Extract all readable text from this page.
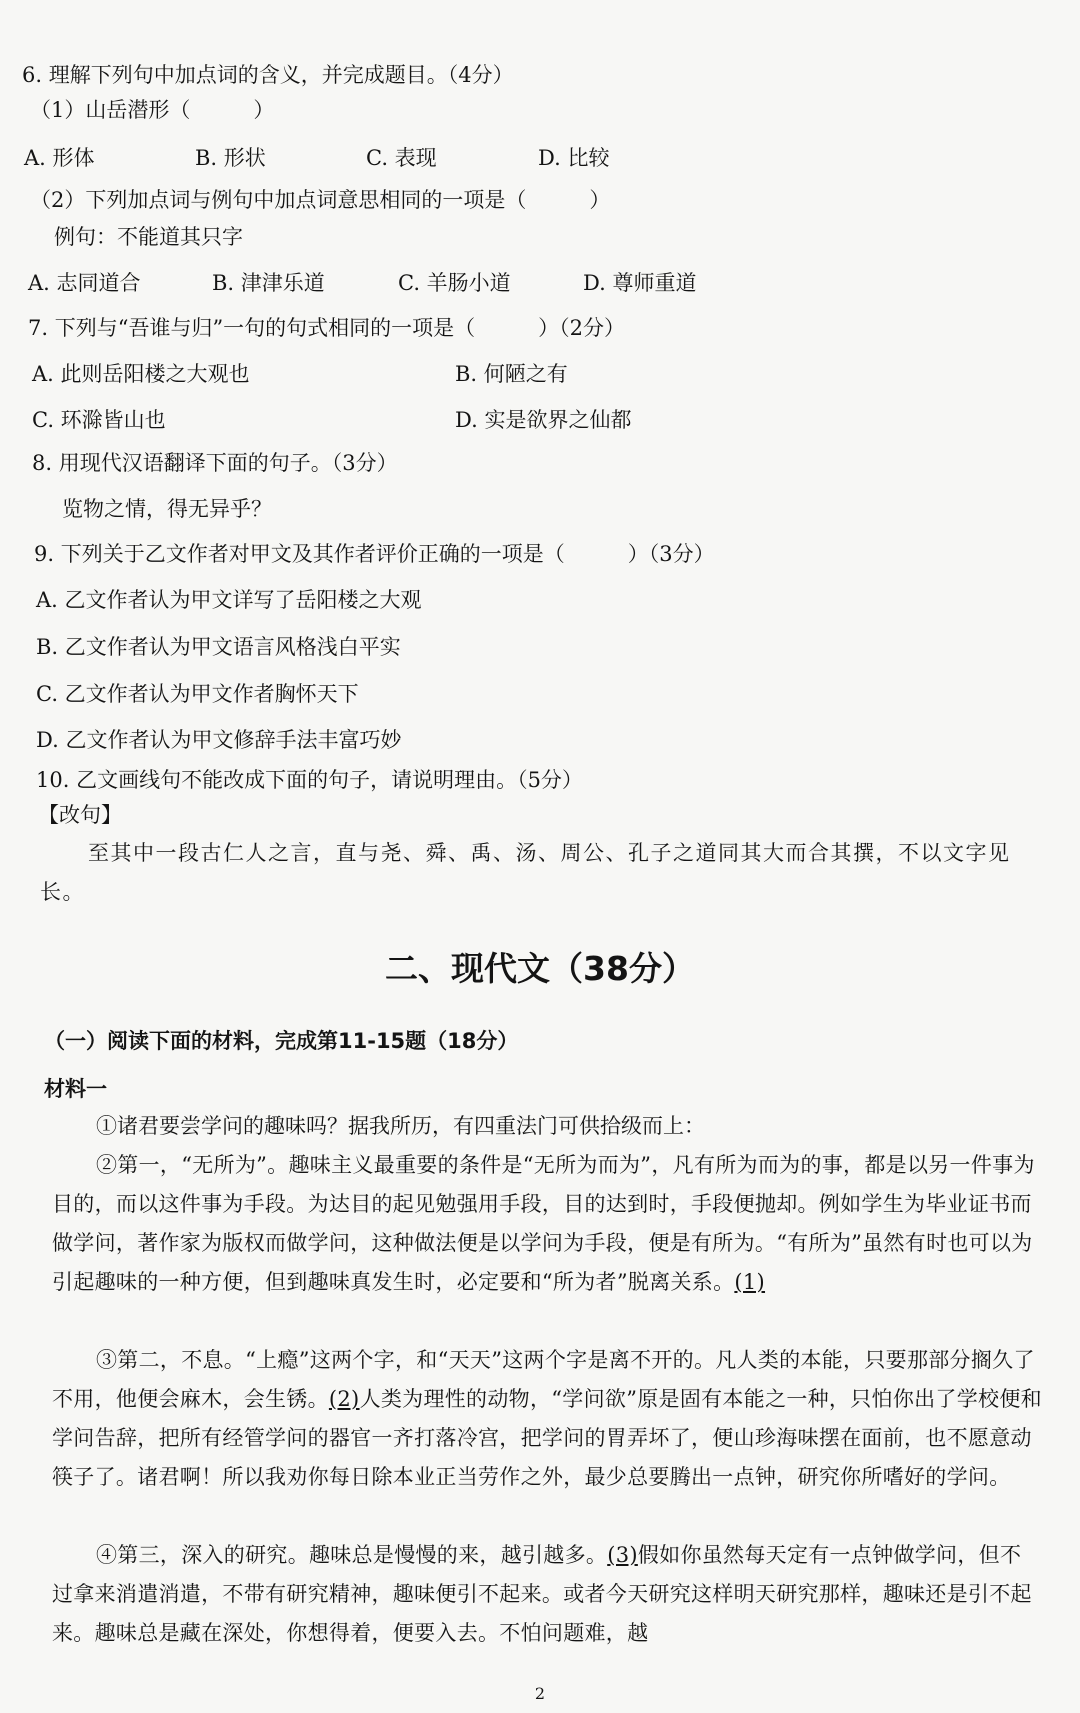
6. 理解下列句中加点词的含义，并完成题目。（4分）
（1）山岳潜形（　　　）
A. 形体	B. 形状	C. 表现	D. 比较
（2）下列加点词与例句中加点词意思相同的一项是（　　　）
例句：不能道其只字
A. 志同道合	B. 津津乐道	C. 羊肠小道	D. 尊师重道
7. 下列与“吾谁与归”一句的句式相同的一项是（　　　）（2分）
A. 此则岳阳楼之大观也	B. 何陋之有
C. 环滁皆山也	D. 实是欲界之仙都
8. 用现代汉语翻译下面的句子。（3分）
览物之情，得无异乎？
9. 下列关于乙文作者对甲文及其作者评价正确的一项是（　　　）（3分）
A. 乙文作者认为甲文详写了岳阳楼之大观
B. 乙文作者认为甲文语言风格浅白平实
C. 乙文作者认为甲文作者胸怀天下
D. 乙文作者认为甲文修辞手法丰富巧妙
10. 乙文画线句不能改成下面的句子，请说明理由。（5分）
【改句】
至其中一段古仁人之言，直与尧、舜、禹、汤、周公、孔子之道同其大而合其撰，不以文字见长。
二、现代文（38分）
（一）阅读下面的材料，完成第11-15题（18分）
材料一
①诸君要尝学问的趣味吗？据我所历，有四重法门可供拾级而上：
②第一，“无所为”。趣味主义最重要的条件是“无所为而为”，凡有所为而为的事，都是以另一件事为目的，而以这件事为手段。为达目的起见勉强用手段，目的达到时，手段便抛却。例如学生为毕业证书而做学问，著作家为版权而做学问，这种做法便是以学问为手段，便是有所为。“有所为”虽然有时也可以为引起趣味的一种方便，但到趣味真发生时，必定要和“所为者”脱离关系。(1)
③第二，不息。“上瘾”这两个字，和“天天”这两个字是离不开的。凡人类的本能，只要那部分搁久了不用，他便会麻木，会生锈。(2)人类为理性的动物，“学问欲”原是固有本能之一种，只怕你出了学校便和学问告辞，把所有经管学问的器官一齐打落冷宫，把学问的胃弄坏了，便山珍海味摆在面前，也不愿意动筷子了。诸君啊！所以我劝你每日除本业正当劳作之外，最少总要腾出一点钟，研究你所嗜好的学问。
④第三，深入的研究。趣味总是慢慢的来，越引越多。(3)假如你虽然每天定有一点钟做学问，但不过拿来消遣消遣，不带有研究精神，趣味便引不起来。或者今天研究这样明天研究那样，趣味还是引不起来。趣味总是藏在深处，你想得着，便要入去。不怕问题难，越
2
